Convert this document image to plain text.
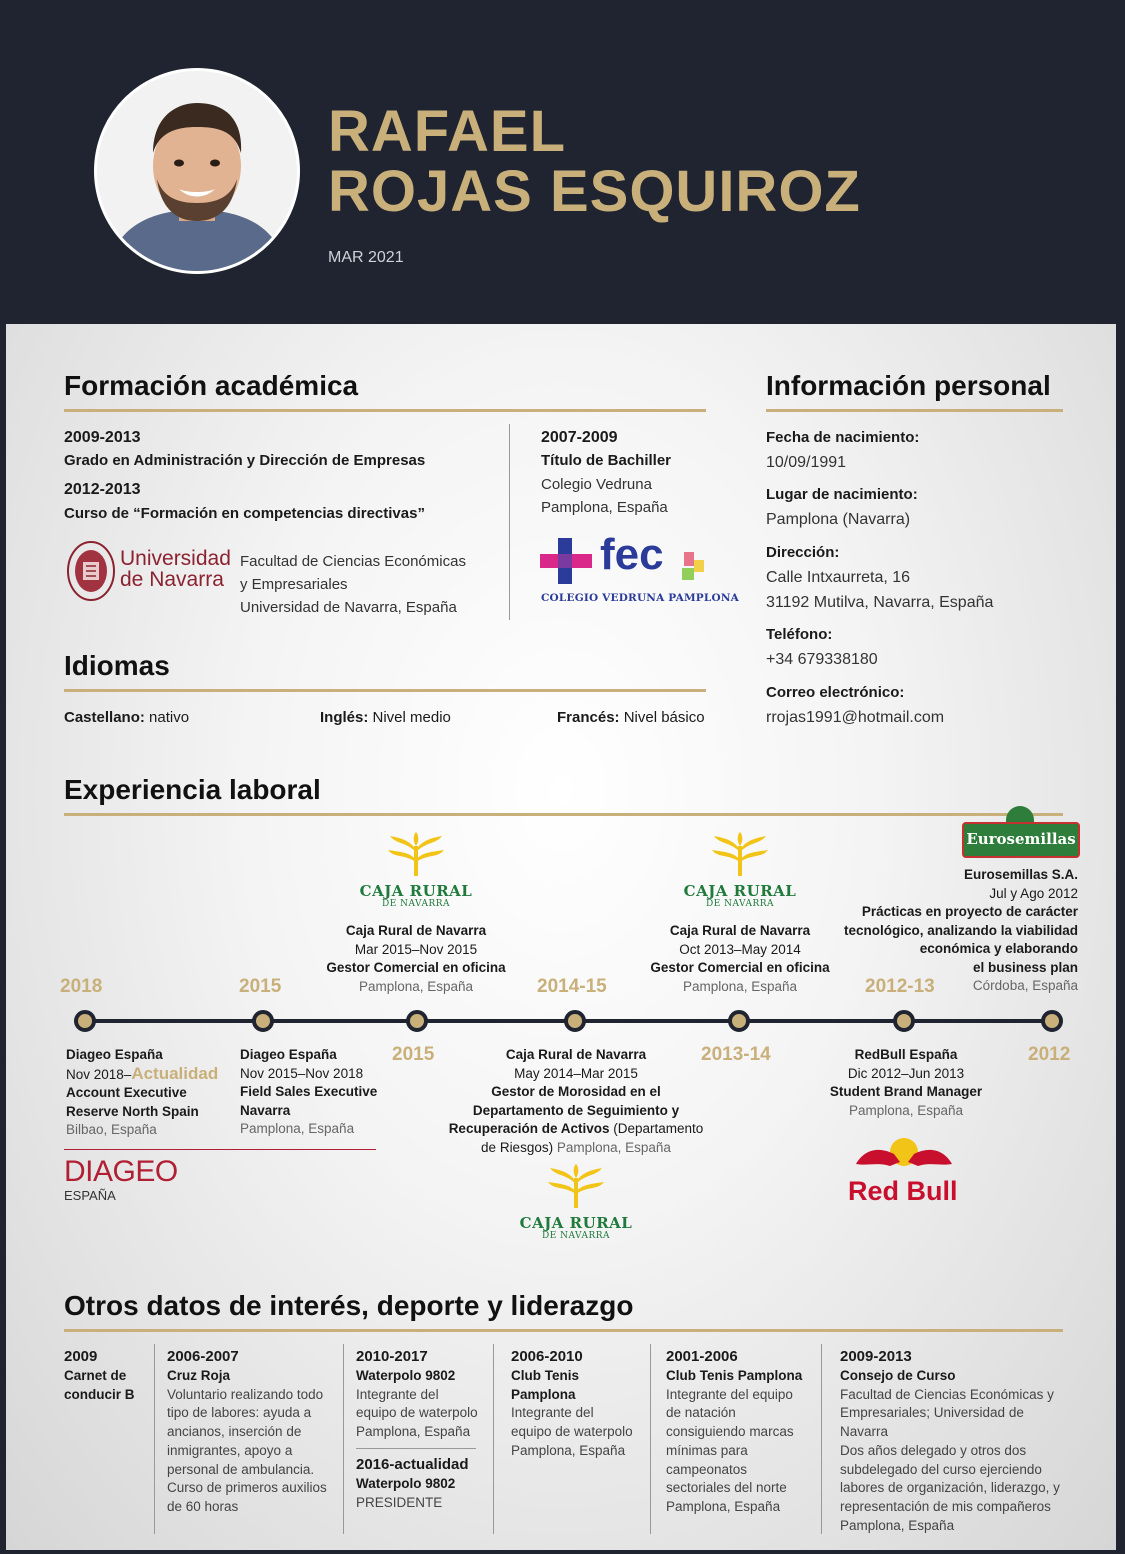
RAFAEL
ROJAS ESQUIROZ
MAR 2021
Formación académica
2009-2013
Grado en Administración y Dirección de Empresas
2012-2013
Curso de “Formación en competencias directivas”
Universidad
de Navarra
Facultad de Ciencias Económicas
y Empresariales
Universidad de Navarra, España
2007-2009
Título de Bachiller
Colegio Vedruna
Pamplona, España
fec
COLEGIO VEDRUNA PAMPLONA
Idiomas
Castellano: nativo	Inglés: Nivel medio	Francés: Nivel básico
Información personal
Fecha de nacimiento:
10/09/1991
Lugar de nacimiento:
Pamplona (Navarra)
Dirección:
Calle Intxaurreta, 16
31192 Mutilva, Navarra, España
Teléfono:
+34 679338180
Correo electrónico:
rrojas1991@hotmail.com
Experiencia laboral
CAJA RURAL
DE NAVARRA
CAJA RURAL
DE NAVARRA
Eurosemillas
Caja Rural de Navarra
Mar 2015–Nov 2015
Gestor Comercial en oficina
Pamplona, España
Caja Rural de Navarra
Oct 2013–May 2014
Gestor Comercial en oficina
Pamplona, España
Eurosemillas S.A.
Jul y Ago 2012
Prácticas en proyecto de carácter
tecnológico, analizando la viabilidad
económica y elaborando
el business plan
Córdoba, España
2018	2015
2015
2014-15
2013-14
2012-13
2012
Diageo España
Nov 2018–Actualidad
Account Executive
Reserve North Spain
Bilbao, España
Diageo España
Nov 2015–Nov 2018
Field Sales Executive
Navarra
Pamplona, España
DIAGEO
ESPAÑA
Caja Rural de Navarra
May 2014–Mar 2015
Gestor de Morosidad en el
Departamento de Seguimiento y
Recuperación de Activos (Departamento
de Riesgos) Pamplona, España
CAJA RURAL
DE NAVARRA
RedBull España
Dic 2012–Jun 2013
Student Brand Manager
Pamplona, España
Red Bull
Otros datos de interés, deporte y liderazgo
2009
Carnet de
conducir B
2006-2007
Cruz Roja
Voluntario realizando todo
tipo de labores: ayuda a
ancianos, inserción de
inmigrantes, apoyo a
personal de ambulancia.
Curso de primeros auxilios
de 60 horas
2010-2017
Waterpolo 9802
Integrante del
equipo de waterpolo
Pamplona, España
2016-actualidad
Waterpolo 9802
PRESIDENTE
2006-2010
Club Tenis
Pamplona
Integrante del
equipo de waterpolo
Pamplona, España
2001-2006
Club Tenis Pamplona
Integrante del equipo
de natación
consiguiendo marcas
mínimas para
campeonatos
sectoriales del norte
Pamplona, España
2009-2013
Consejo de Curso
Facultad de Ciencias Económicas y
Empresariales; Universidad de
Navarra
Dos años delegado y otros dos
subdelegado del curso ejerciendo
labores de organización, liderazgo, y
representación de mis compañeros
Pamplona, España
